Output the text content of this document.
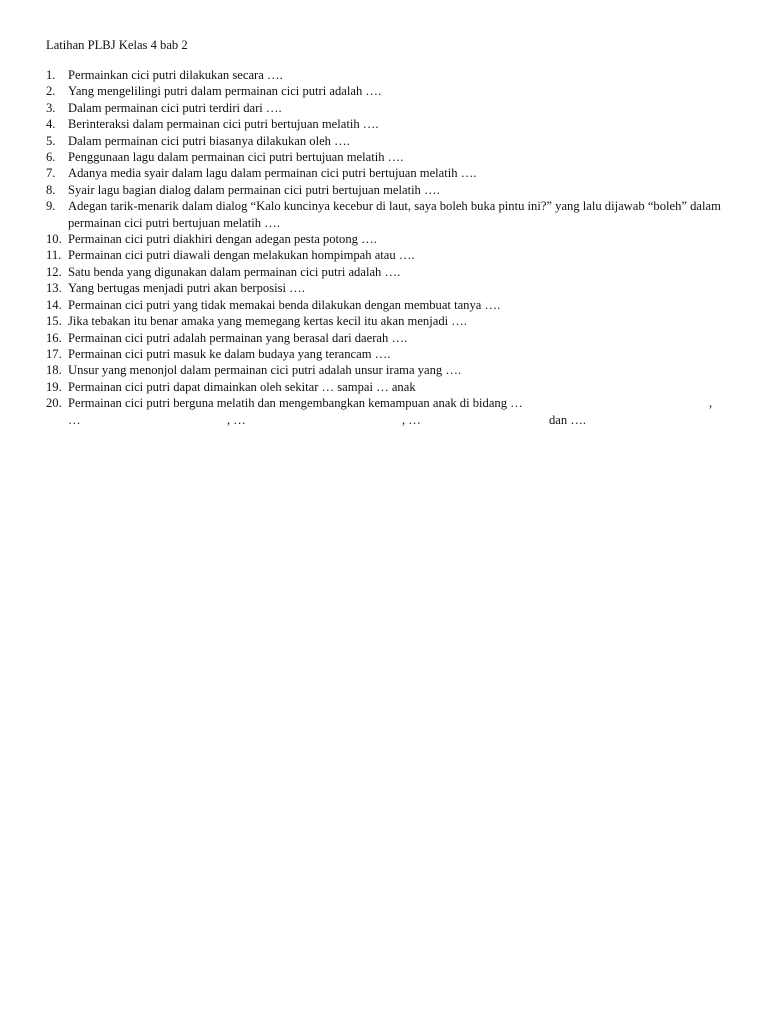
Latihan PLBJ Kelas 4 bab 2
1. Permainkan cici putri dilakukan secara ….
2. Yang mengelilingi putri dalam permainan cici putri adalah ….
3. Dalam permainan cici putri terdiri dari ….
4. Berinteraksi dalam permainan cici putri bertujuan melatih ….
5. Dalam permainan cici putri biasanya dilakukan oleh ….
6. Penggunaan lagu dalam permainan cici putri bertujuan melatih ….
7. Adanya media syair dalam lagu dalam permainan cici putri bertujuan melatih ….
8. Syair lagu bagian dialog dalam permainan cici putri bertujuan melatih ….
9. Adegan tarik-menarik dalam dialog “Kalo kuncinya kecebur di laut, saya boleh buka pintu ini?” yang lalu dijawab “boleh” dalam permainan cici putri bertujuan melatih ….
10. Permainan cici putri diakhiri dengan adegan pesta potong ….
11. Permainan cici putri diawali dengan melakukan hompimpah atau ….
12. Satu benda yang digunakan dalam permainan cici putri adalah ….
13. Yang bertugas menjadi putri akan berposisi ….
14. Permainan cici putri yang tidak memakai benda dilakukan dengan membuat tanya ….
15. Jika tebakan itu benar amaka yang memegang kertas kecil itu akan menjadi ….
16. Permainan cici putri adalah permainan yang berasal dari daerah ….
17. Permainan cici putri masuk ke dalam budaya yang terancam ….
18. Unsur yang menonjol dalam permainan cici putri adalah unsur irama yang ….
19. Permainan cici putri dapat dimainkan oleh sekitar … sampai … anak
20. Permainan cici putri berguna melatih dan mengembangkan kemampuan anak di bidang …	,
…	, …	, …	dan ….
